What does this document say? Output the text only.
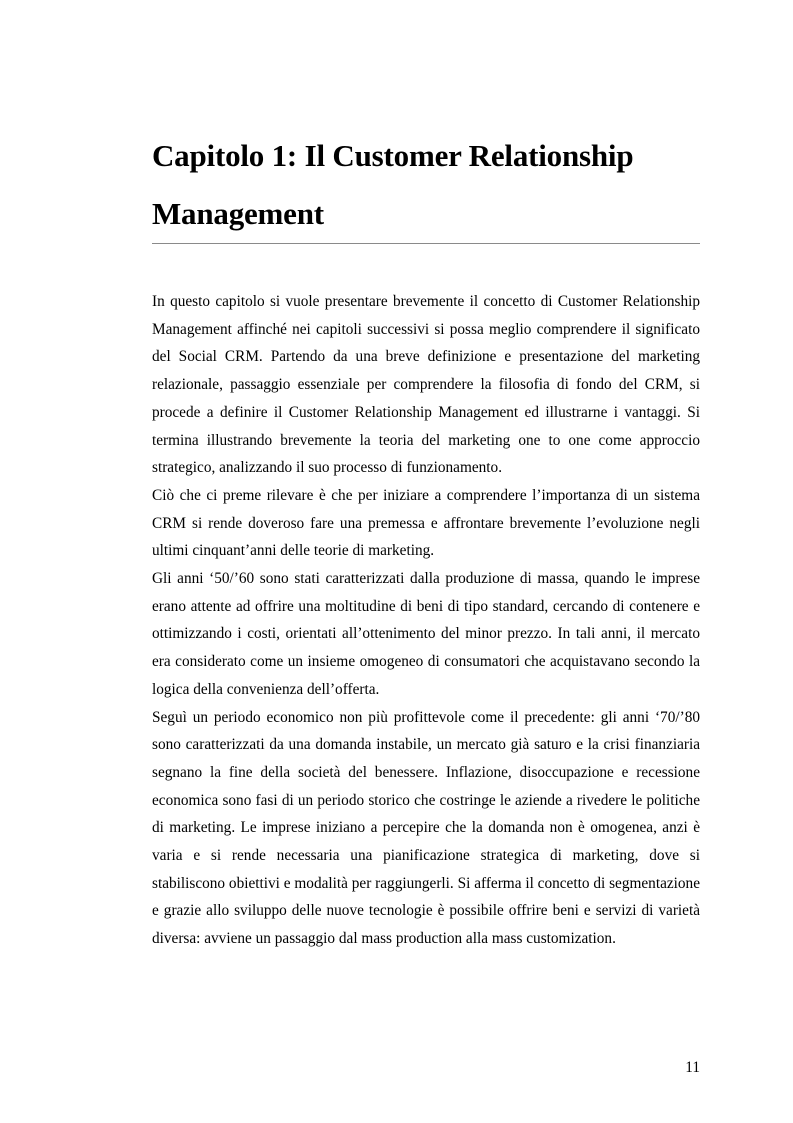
Capitolo 1: Il Customer Relationship Management

In questo capitolo si vuole presentare brevemente il concetto di Customer Relationship Management affinché nei capitoli successivi si possa meglio comprendere il significato del Social CRM. Partendo da una breve definizione e presentazione del marketing relazionale, passaggio essenziale per comprendere la filosofia di fondo del CRM, si procede a definire il Customer Relationship Management ed illustrarne i vantaggi. Si termina illustrando brevemente la teoria del marketing one to one come approccio strategico, analizzando il suo processo di funzionamento.

Ciò che ci preme rilevare è che per iniziare a comprendere l’importanza di un sistema CRM si rende doveroso fare una premessa e affrontare brevemente l’evoluzione negli ultimi cinquant’anni delle teorie di marketing.

Gli anni ‘50/’60 sono stati caratterizzati dalla produzione di massa, quando le imprese erano attente ad offrire una moltitudine di beni di tipo standard, cercando di contenere e ottimizzando i costi, orientati all’ottenimento del minor prezzo. In tali anni, il mercato era considerato come un insieme omogeneo di consumatori che acquistavano secondo la logica della convenienza dell’offerta.

Seguì un periodo economico non più profittevole come il precedente: gli anni ‘70/’80 sono caratterizzati da una domanda instabile, un mercato già saturo e la crisi finanziaria segnano la fine della società del benessere. Inflazione, disoccupazione e recessione economica sono fasi di un periodo storico che costringe le aziende a rivedere le politiche di marketing. Le imprese iniziano a percepire che la domanda non è omogenea, anzi è varia e si rende necessaria una pianificazione strategica di marketing, dove si stabiliscono obiettivi e modalità per raggiungerli. Si afferma il concetto di segmentazione e grazie allo sviluppo delle nuove tecnologie è possibile offrire beni e servizi di varietà diversa: avviene un passaggio dal mass production alla mass customization.

11
